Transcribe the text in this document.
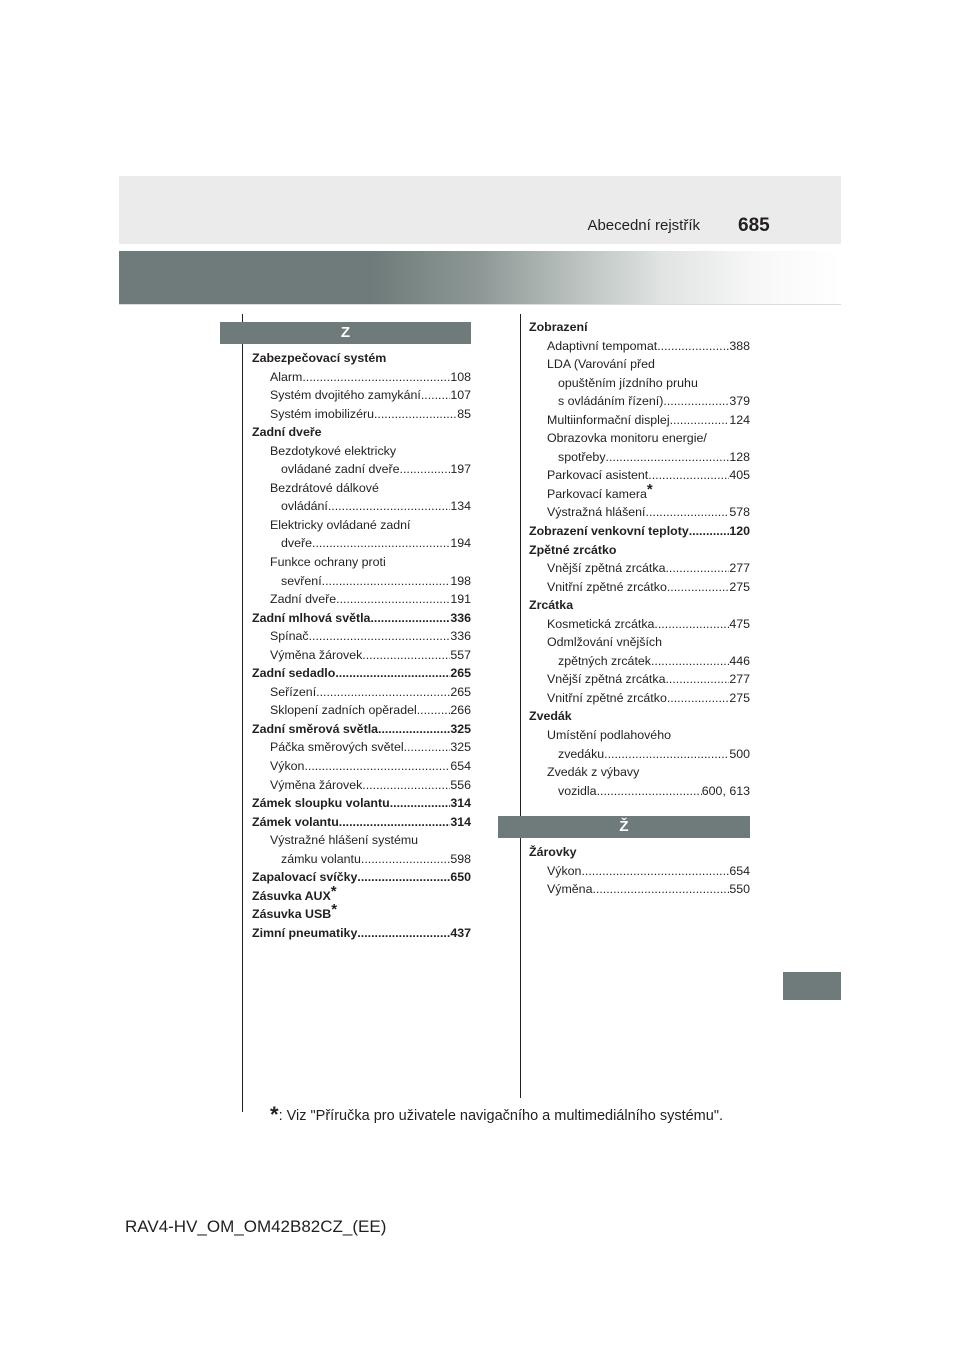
Abecední rejstřík 685
Z
Zabezpečovací systém
Alarm .....	108
Systém dvojitého zamykání ..... 107
Systém imobilizéru .....	85
Zadní dveře
Bezdotykové elektricky
ovládané zadní dveře .....	197
Bezdrátové dálkové
ovládání .....	134
Elektricky ovládané zadní
dveře .....	194
Funkce ochrany proti
sevření .....	198
Zadní dveře .....	191
Zadní mlhová světla .....	336
Spínač .....	336
Výměna žárovek .....	557
Zadní sedadlo .....	265
Seřízení .....	265
Sklopení zadních opěradel .....	266
Zadní směrová světla .....	325
Páčka směrových světel .....	325
Výkon .....	654
Výměna žárovek .....	556
Zámek sloupku volantu .....	314
Zámek volantu .....	314
Výstražné hlášení systému
zámku volantu .....	598
Zapalovací svíčky .....	650
Zásuvka AUX*
Zásuvka USB*
Zimní pneumatiky .....	437
Zobrazení
Adaptivní tempomat .....	388
LDA (Varování před
opuštěním jízdního pruhu
s ovládáním řízení) .....	379
Multiinformační displej .....	124
Obrazovka monitoru energie/
spotřeby .....	128
Parkovací asistent .....	405
Parkovací kamera*
Výstražná hlášení .....	578
Zobrazení venkovní teploty .....	120
Zpětné zrcátko
Vnější zpětná zrcátka .....	277
Vnitřní zpětné zrcátko .....	275
Zrcátka
Kosmetická zrcátka .....	475
Odmlžování vnějších
zpětných zrcátek .....	446
Vnější zpětná zrcátka .....	277
Vnitřní zpětné zrcátko .....	275
Zvedák
Umístění podlahového
zvedáku .....	500
Zvedák z výbavy
vozidla .....	600, 613
Ž
Žárovky
Výkon .....	654
Výměna .....	550
*: Viz "Příručka pro uživatele navigačního a multimediálního systému".
RAV4-HV_OM_OM42B82CZ_(EE)
